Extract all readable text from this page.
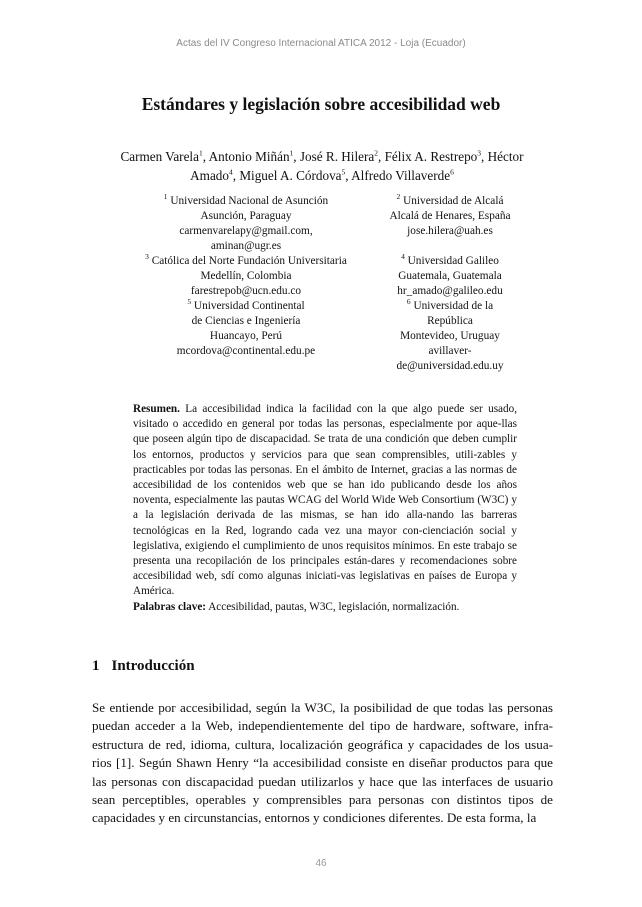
Actas del IV Congreso Internacional ATICA 2012 - Loja (Ecuador)
Estándares y legislación sobre accesibilidad web
Carmen Varela$^1$, Antonio Miñán$^1$, José R. Hilera$^2$, Félix A. Restrepo$^3$, Héctor Amado$^4$, Miguel A. Córdova$^5$, Alfredo Villaverde$^6$
$^1$ Universidad Nacional de Asunción
Asunción, Paraguay
carmenvarelapy@gmail.com,
aminan@ugr.es
$^3$ Católica del Norte Fundación Universitaria
Medellín, Colombia
farestrepob@ucn.edu.co
$^5$ Universidad Continental
de Ciencias e Ingeniería
Huancayo, Perú
mcordova@continental.edu.pe
$^2$ Universidad de Alcalá
Alcalá de Henares, España
jose.hilera@uah.es
$^4$ Universidad Galileo
Guatemala, Guatemala
hr_amado@galileo.edu
$^6$ Universidad de la
República
Montevideo, Uruguay
avillaver-
de@universidad.edu.uy
Resumen. La accesibilidad indica la facilidad con la que algo puede ser usado, visitado o accedido en general por todas las personas, especialmente por aque-llas que poseen algún tipo de discapacidad. Se trata de una condición que deben cumplir los entornos, productos y servicios para que sean comprensibles, utili-zables y practicables por todas las personas. En el ámbito de Internet, gracias a las normas de accesibilidad de los contenidos web que se han ido publicando desde los años noventa, especialmente las pautas WCAG del World Wide Web Consortium (W3C) y a la legislación derivada de las mismas, se han ido alla-nando las barreras tecnológicas en la Red, logrando cada vez una mayor con-cienciación social y legislativa, exigiendo el cumplimiento de unos requisitos mínimos. En este trabajo se presenta una recopilación de los principales están-dares y recomendaciones sobre accesibilidad web, sdí como algunas iniciati-vas legislativas en países de Europa y América.
Palabras clave: Accesibilidad, pautas, W3C, legislación, normalización.
1 Introducción
Se entiende por accesibilidad, según la W3C, la posibilidad de que todas las personas puedan acceder a la Web, independientemente del tipo de hardware, software, infra-estructura de red, idioma, cultura, localización geográfica y capacidades de los usua-rios [1]. Según Shawn Henry “la accesibilidad consiste en diseñar productos para que las personas con discapacidad puedan utilizarlos y hace que las interfaces de usuario sean perceptibles, operables y comprensibles para personas con distintos tipos de capacidades y en circunstancias, entornos y condiciones diferentes. De esta forma, la
46
